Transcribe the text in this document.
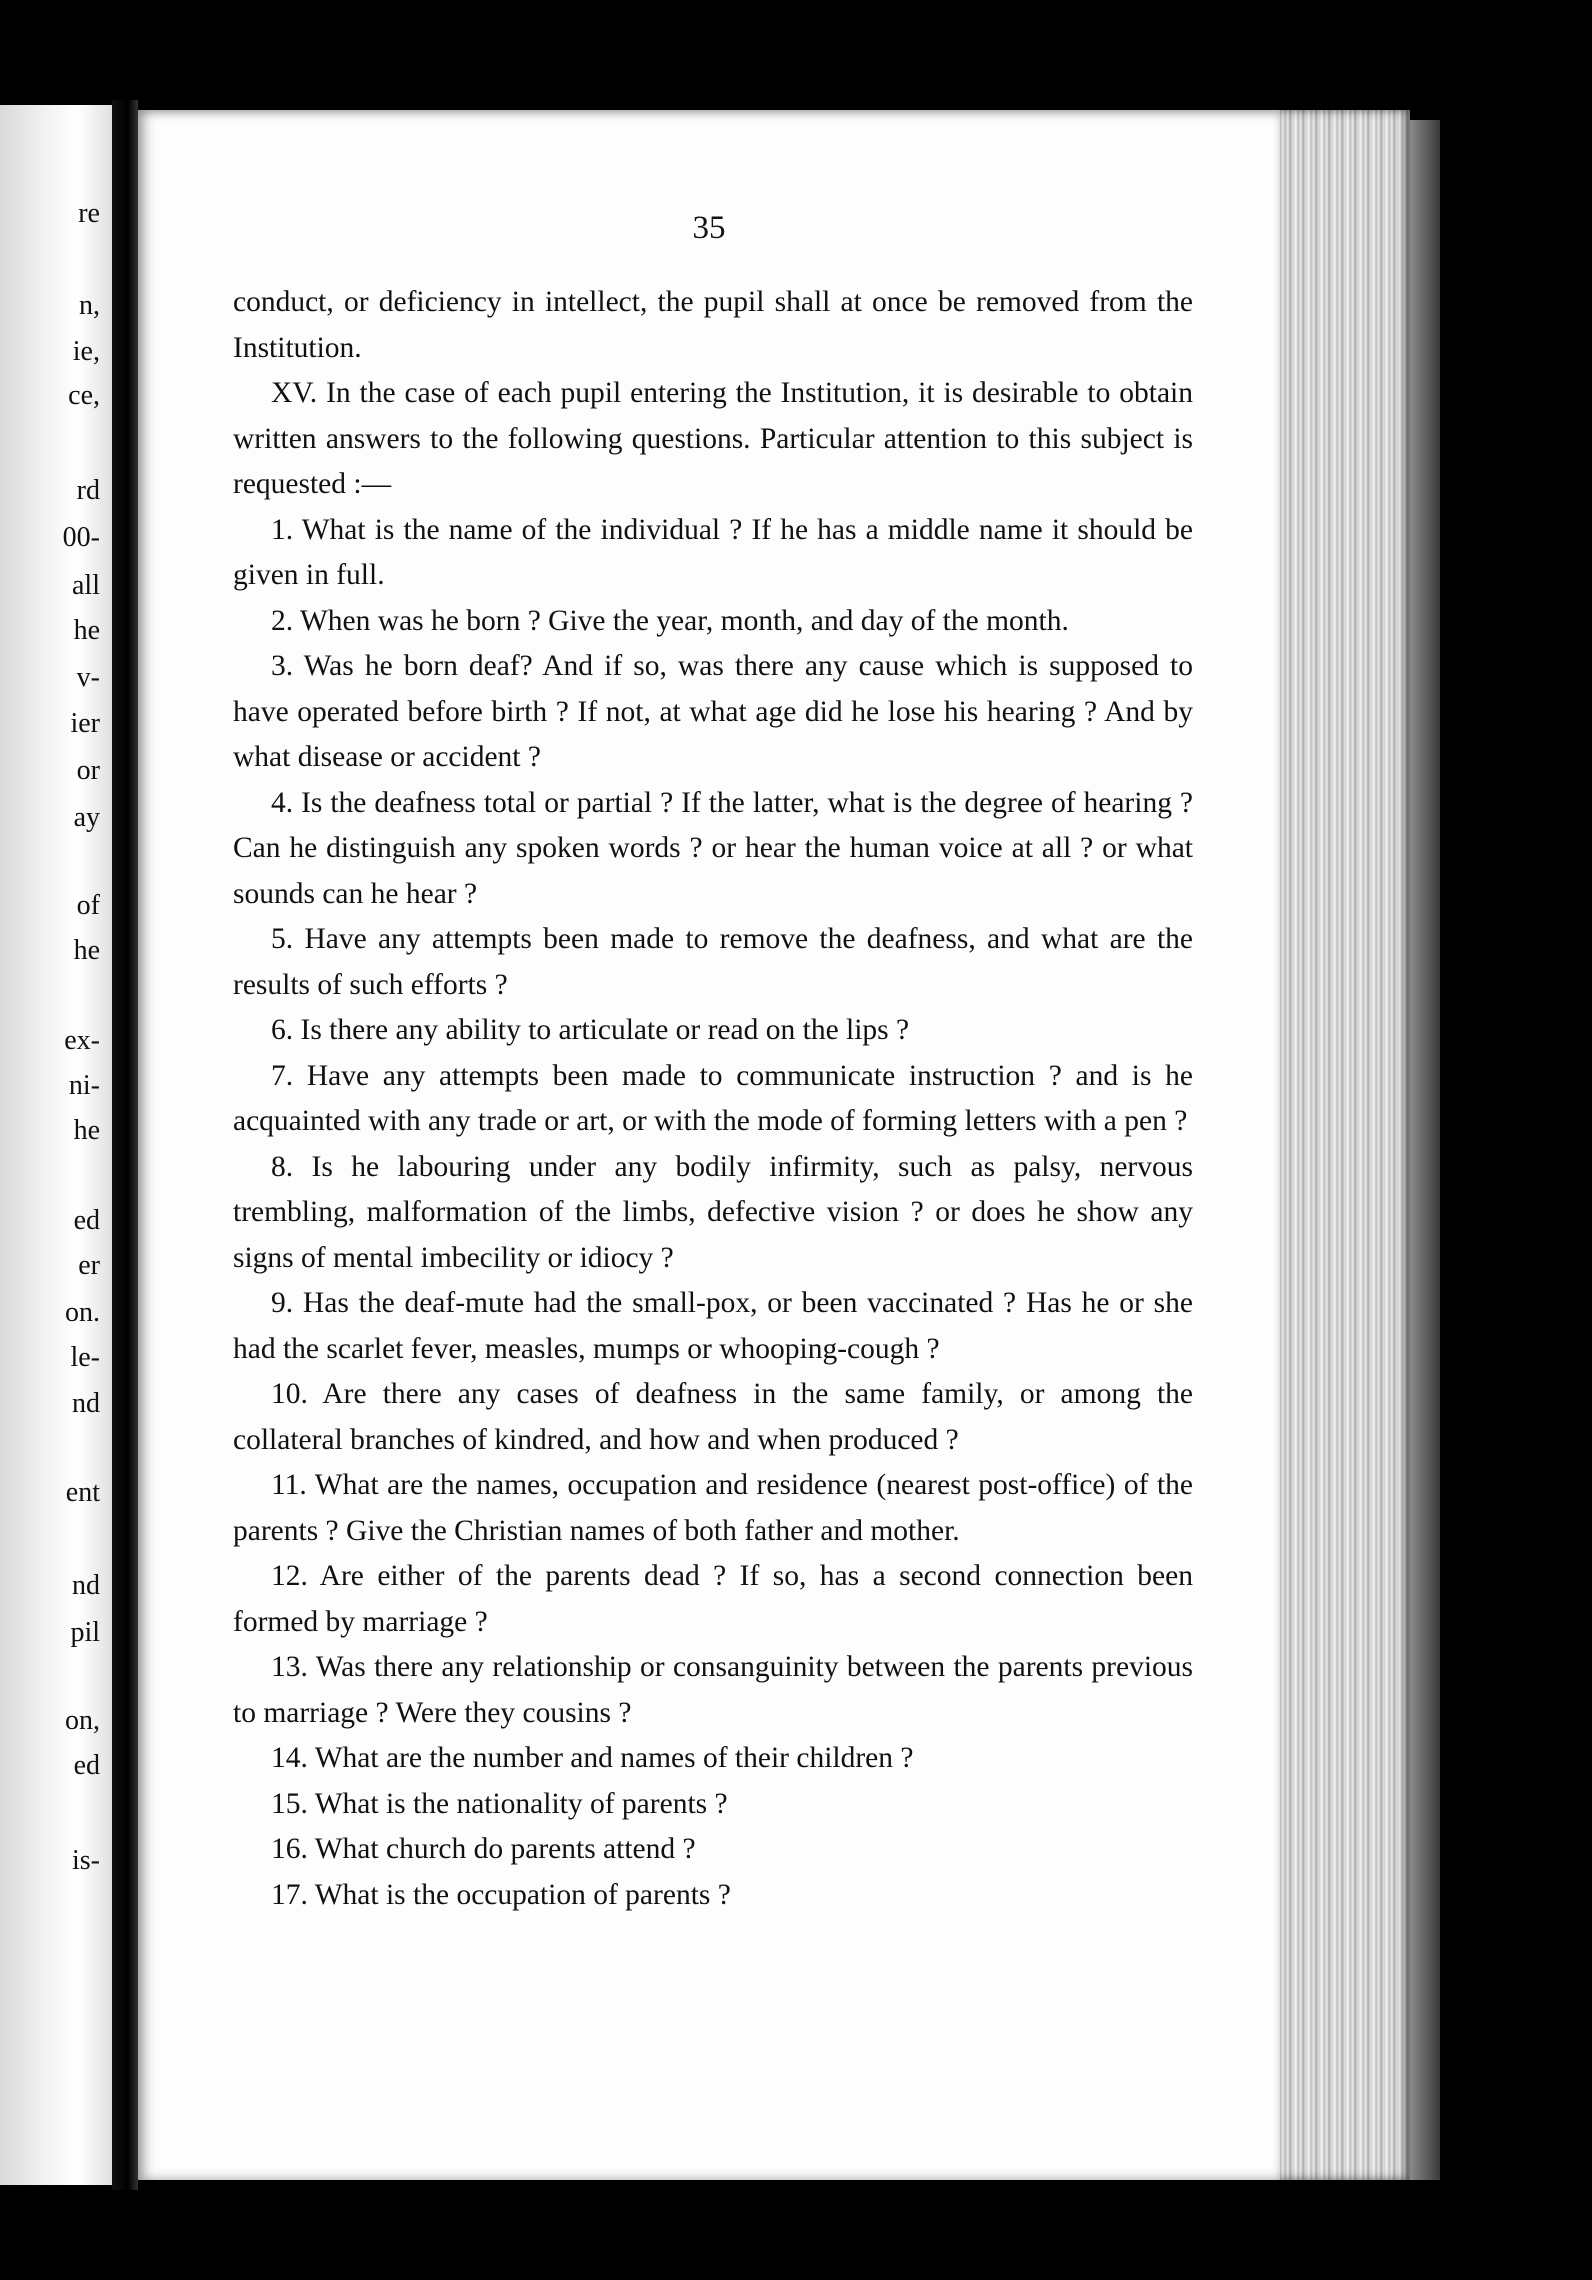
re
n,
ie,
ce,
rd
00-
all
he
v-
ier
or
ay
of
he
ex-
ni-
he
ed
er
on.
le-
nd
ent
nd
pil
on,
ed
is-
35

conduct, or deficiency in intellect, the pupil shall at once be removed from the Institution.

XV. In the case of each pupil entering the Institution, it is desirable to obtain written answers to the following questions. Particular attention to this subject is requested :—

1. What is the name of the individual ? If he has a middle name it should be given in full.

2. When was he born ? Give the year, month, and day of the month.

3. Was he born deaf? And if so, was there any cause which is supposed to have operated before birth ? If not, at what age did he lose his hearing ? And by what disease or accident ?

4. Is the deafness total or partial ? If the latter, what is the degree of hearing ? Can he distinguish any spoken words ? or hear the human voice at all ? or what sounds can he hear ?

5. Have any attempts been made to remove the deafness, and what are the results of such efforts ?

6. Is there any ability to articulate or read on the lips ?

7. Have any attempts been made to communicate instruction ? and is he acquainted with any trade or art, or with the mode of forming letters with a pen ?

8. Is he labouring under any bodily infirmity, such as palsy, nervous trembling, malformation of the limbs, defective vision ? or does he show any signs of mental imbecility or idiocy ?

9. Has the deaf-mute had the small-pox, or been vaccinated ? Has he or she had the scarlet fever, measles, mumps or whooping-cough ?

10. Are there any cases of deafness in the same family, or among the collateral branches of kindred, and how and when produced ?

11. What are the names, occupation and residence (nearest post-office) of the parents ? Give the Christian names of both father and mother.

12. Are either of the parents dead ? If so, has a second connection been formed by marriage ?

13. Was there any relationship or consanguinity between the parents previous to marriage ? Were they cousins ?

14. What are the number and names of their children ?

15. What is the nationality of parents ?

16. What church do parents attend ?

17. What is the occupation of parents ?
